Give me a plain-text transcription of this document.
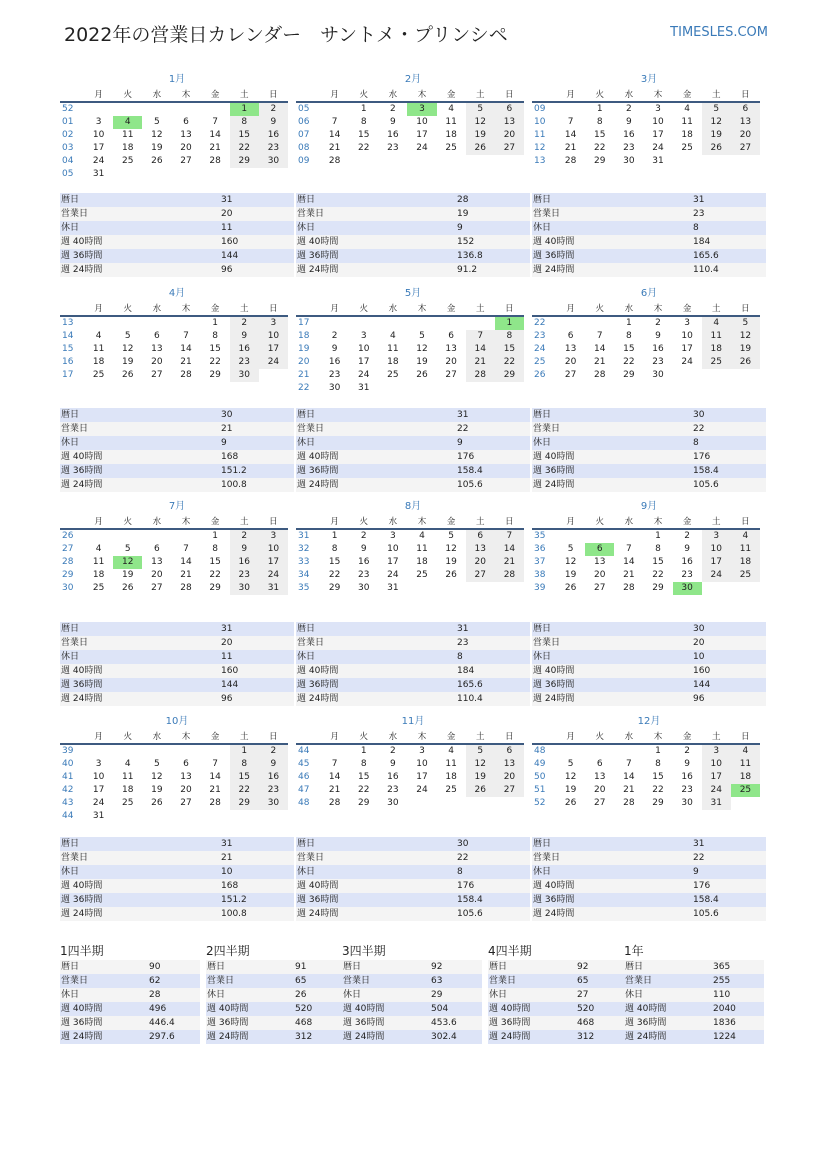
2022年の営業日カレンダー　サントメ・プリンシペ	TIMESLES.COM
1月
	月	火	水	木	金	土	日
52						1	2
01	3	4	5	6	7	8	9
02	10	11	12	13	14	15	16
03	17	18	19	20	21	22	23
04	24	25	26	27	28	29	30
05	31						
暦日	31
営業日	20
休日	11
週 40時間	160
週 36時間	144
週 24時間	96
2月
	月	火	水	木	金	土	日
05		1	2	3	4	5	6
06	7	8	9	10	11	12	13
07	14	15	16	17	18	19	20
08	21	22	23	24	25	26	27
09	28						
暦日	28
営業日	19
休日	9
週 40時間	152
週 36時間	136.8
週 24時間	91.2
3月
	月	火	水	木	金	土	日
09		1	2	3	4	5	6
10	7	8	9	10	11	12	13
11	14	15	16	17	18	19	20
12	21	22	23	24	25	26	27
13	28	29	30	31			
暦日	31
営業日	23
休日	8
週 40時間	184
週 36時間	165.6
週 24時間	110.4
4月
	月	火	水	木	金	土	日
13					1	2	3
14	4	5	6	7	8	9	10
15	11	12	13	14	15	16	17
16	18	19	20	21	22	23	24
17	25	26	27	28	29	30	
暦日	30
営業日	21
休日	9
週 40時間	168
週 36時間	151.2
週 24時間	100.8
5月
	月	火	水	木	金	土	日
17							1
18	2	3	4	5	6	7	8
19	9	10	11	12	13	14	15
20	16	17	18	19	20	21	22
21	23	24	25	26	27	28	29
22	30	31					
暦日	31
営業日	22
休日	9
週 40時間	176
週 36時間	158.4
週 24時間	105.6
6月
	月	火	水	木	金	土	日
22			1	2	3	4	5
23	6	7	8	9	10	11	12
24	13	14	15	16	17	18	19
25	20	21	22	23	24	25	26
26	27	28	29	30			
暦日	30
営業日	22
休日	8
週 40時間	176
週 36時間	158.4
週 24時間	105.6
7月
	月	火	水	木	金	土	日
26					1	2	3
27	4	5	6	7	8	9	10
28	11	12	13	14	15	16	17
29	18	19	20	21	22	23	24
30	25	26	27	28	29	30	31
暦日	31
営業日	20
休日	11
週 40時間	160
週 36時間	144
週 24時間	96
8月
	月	火	水	木	金	土	日
31	1	2	3	4	5	6	7
32	8	9	10	11	12	13	14
33	15	16	17	18	19	20	21
34	22	23	24	25	26	27	28
35	29	30	31				
暦日	31
営業日	23
休日	8
週 40時間	184
週 36時間	165.6
週 24時間	110.4
9月
	月	火	水	木	金	土	日
35				1	2	3	4
36	5	6	7	8	9	10	11
37	12	13	14	15	16	17	18
38	19	20	21	22	23	24	25
39	26	27	28	29	30		
暦日	30
営業日	20
休日	10
週 40時間	160
週 36時間	144
週 24時間	96
10月
	月	火	水	木	金	土	日
39						1	2
40	3	4	5	6	7	8	9
41	10	11	12	13	14	15	16
42	17	18	19	20	21	22	23
43	24	25	26	27	28	29	30
44	31						
暦日	31
営業日	21
休日	10
週 40時間	168
週 36時間	151.2
週 24時間	100.8
11月
	月	火	水	木	金	土	日
44		1	2	3	4	5	6
45	7	8	9	10	11	12	13
46	14	15	16	17	18	19	20
47	21	22	23	24	25	26	27
48	28	29	30				
暦日	30
営業日	22
休日	8
週 40時間	176
週 36時間	158.4
週 24時間	105.6
12月
	月	火	水	木	金	土	日
48				1	2	3	4
49	5	6	7	8	9	10	11
50	12	13	14	15	16	17	18
51	19	20	21	22	23	24	25
52	26	27	28	29	30	31	
暦日	31
営業日	22
休日	9
週 40時間	176
週 36時間	158.4
週 24時間	105.6
1四半期
暦日	90
営業日	62
休日	28
週 40時間	496
週 36時間	446.4
週 24時間	297.6
2四半期
暦日	91
営業日	65
休日	26
週 40時間	520
週 36時間	468
週 24時間	312
3四半期
暦日	92
営業日	63
休日	29
週 40時間	504
週 36時間	453.6
週 24時間	302.4
4四半期
暦日	92
営業日	65
休日	27
週 40時間	520
週 36時間	468
週 24時間	312
1年
暦日	365
営業日	255
休日	110
週 40時間	2040
週 36時間	1836
週 24時間	1224
